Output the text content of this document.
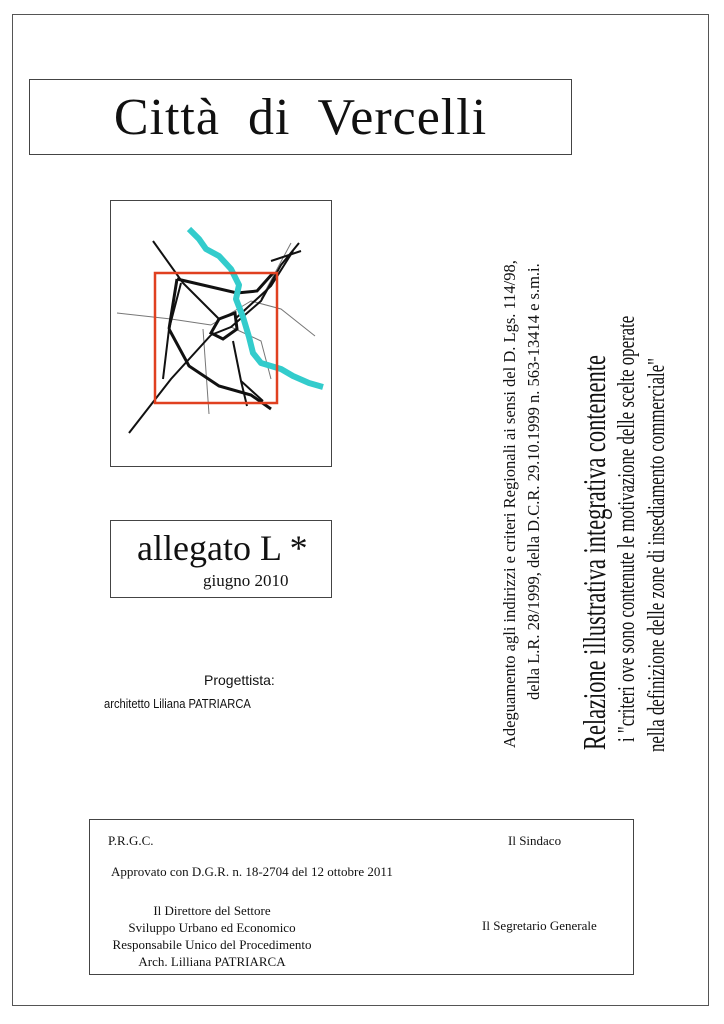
Città  di  Vercelli
allegato L *
giugno 2010
Progettista:
architetto Liliana PATRIARCA	Adeguamento agli indirizzi e criteri Regionali ai sensi del D. Lgs. 114/98, della L.R. 28/1999, della D.C.R. 29.10.1999 n. 563-13414 e s.m.i. Relazione illustrativa integrativa contenente i "criteri ove sono contenute le motivazione delle scelte operate nella definizione delle zone di insediamento commerciale"
P.R.G.C.	Il Sindaco
Approvato con D.G.R. n. 18-2704 del 12 ottobre 2011
Il Direttore del Settore
Sviluppo Urbano ed Economico
Responsabile Unico del Procedimento
Arch. Lilliana PATRIARCA
Il Segretario Generale
